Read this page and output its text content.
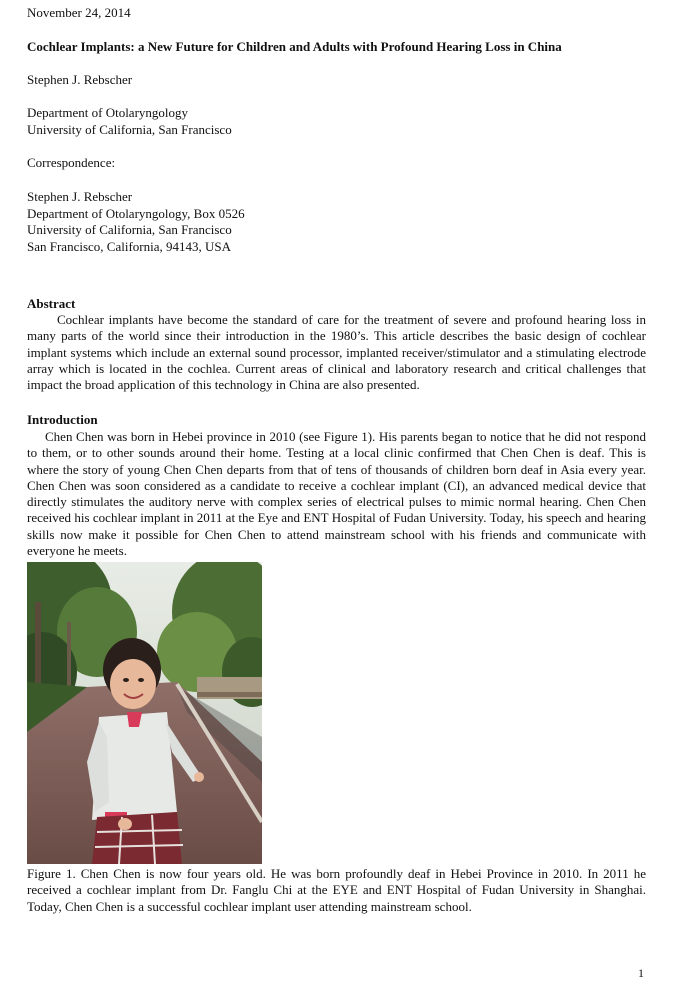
November 24, 2014
Cochlear Implants: a New Future for Children and Adults with Profound Hearing Loss in China
Stephen J. Rebscher
Department of Otolaryngology
University of California, San Francisco
Correspondence:
Stephen J. Rebscher
Department of Otolaryngology, Box 0526
University of California, San Francisco
San Francisco, California, 94143, USA
Abstract
Cochlear implants have become the standard of care for the treatment of severe and profound hearing loss in many parts of the world since their introduction in the 1980’s. This article describes the basic design of cochlear implant systems which include an external sound processor, implanted receiver/stimulator and a stimulating electrode array which is located in the cochlea. Current areas of clinical and laboratory research and critical challenges that impact the broad application of this technology in China are also presented.
Introduction
Chen Chen was born in Hebei province in 2010 (see Figure 1). His parents began to notice that he did not respond to them, or to other sounds around their home. Testing at a local clinic confirmed that Chen Chen is deaf. This is where the story of young Chen Chen departs from that of tens of thousands of children born deaf in Asia every year. Chen Chen was soon considered as a candidate to receive a cochlear implant (CI), an advanced medical device that directly stimulates the auditory nerve with complex series of electrical pulses to mimic normal hearing. Chen Chen received his cochlear implant in 2011 at the Eye and ENT Hospital of Fudan University. Today, his speech and hearing skills now make it possible for Chen Chen to attend mainstream school with his friends and communicate with everyone he meets.
Figure 1. Chen Chen is now four years old. He was born profoundly deaf in Hebei Province in 2010. In 2011 he received a cochlear implant from Dr. Fanglu Chi at the EYE and ENT Hospital of Fudan University in Shanghai. Today, Chen Chen is a successful cochlear implant user attending mainstream school.
1
